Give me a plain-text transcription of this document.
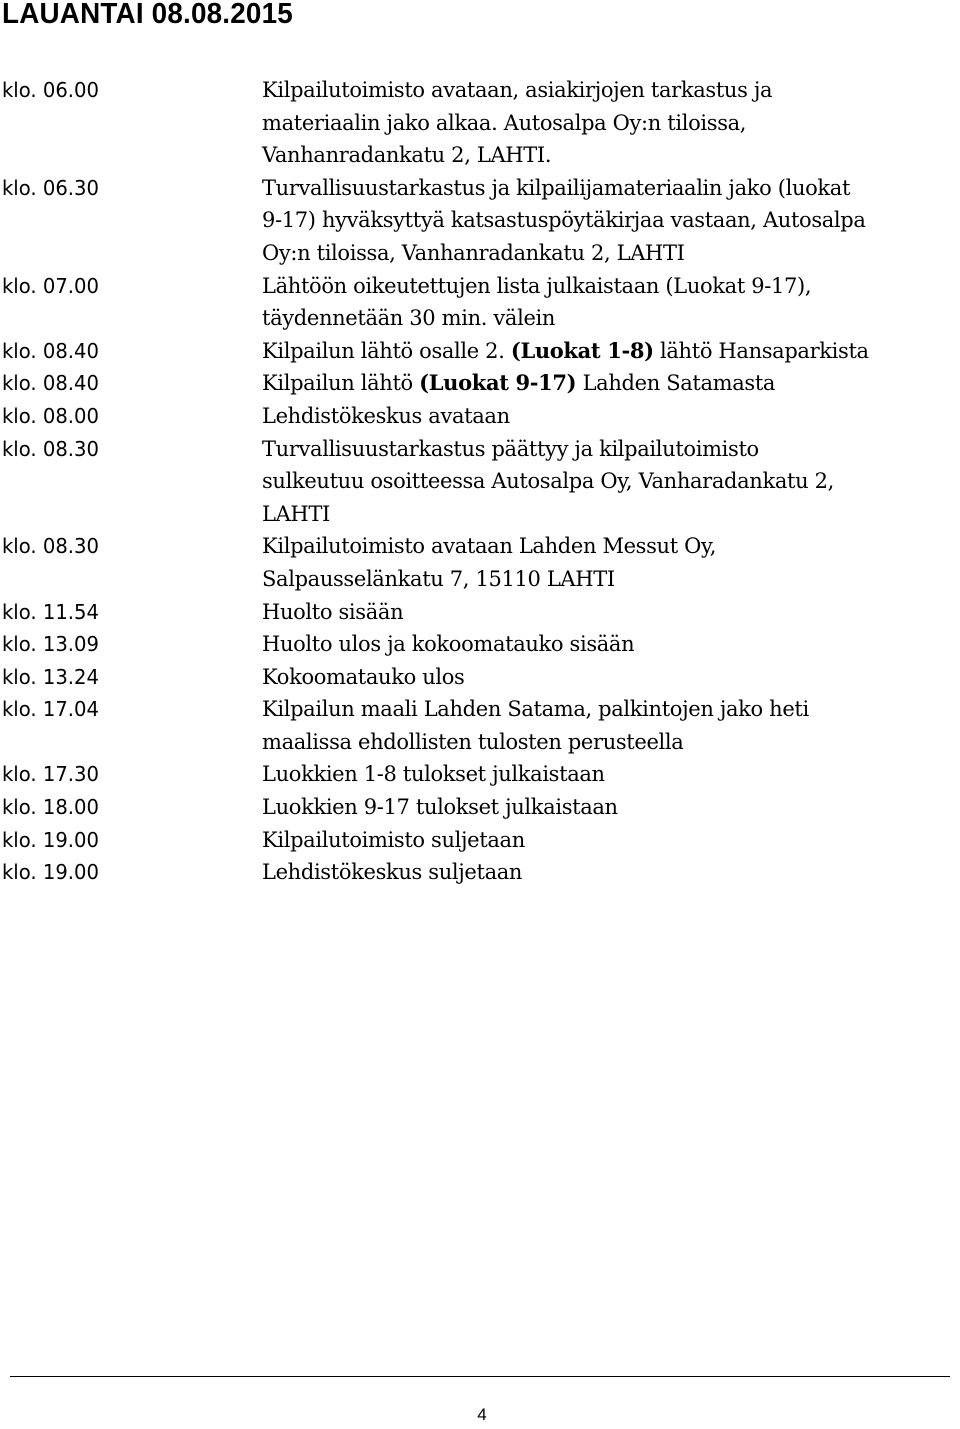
LAUANTAI 08.08.2015
klo. 06.00	Kilpailutoimisto avataan, asiakirjojen tarkastus ja
materiaalin jako alkaa. Autosalpa Oy:n tiloissa,
Vanhanradankatu 2, LAHTI.
klo. 06.30	Turvallisuustarkastus ja kilpailijamateriaalin jako (luokat
9-17) hyväksyttyä katsastuspöytäkirjaa vastaan, Autosalpa
Oy:n tiloissa, Vanhanradankatu 2, LAHTI
klo. 07.00	Lähtöön oikeutettujen lista julkaistaan (Luokat 9-17),
täydennetään 30 min. välein
klo. 08.40	Kilpailun lähtö osalle 2. (Luokat 1-8) lähtö Hansaparkista
klo. 08.40	Kilpailun lähtö (Luokat 9-17) Lahden Satamasta
klo. 08.00	Lehdistökeskus avataan
klo. 08.30	Turvallisuustarkastus päättyy ja kilpailutoimisto
sulkeutuu osoitteessa Autosalpa Oy, Vanharadankatu 2,
LAHTI
klo. 08.30	Kilpailutoimisto avataan Lahden Messut Oy,
Salpausselänkatu 7, 15110 LAHTI
klo. 11.54	Huolto sisään
klo. 13.09	Huolto ulos ja kokoomatauko sisään
klo. 13.24	Kokoomatauko ulos
klo. 17.04	Kilpailun maali Lahden Satama, palkintojen jako heti
maalissa ehdollisten tulosten perusteella
klo. 17.30	Luokkien 1-8 tulokset julkaistaan
klo. 18.00	Luokkien 9-17 tulokset julkaistaan
klo. 19.00	Kilpailutoimisto suljetaan
klo. 19.00	Lehdistökeskus suljetaan
4
